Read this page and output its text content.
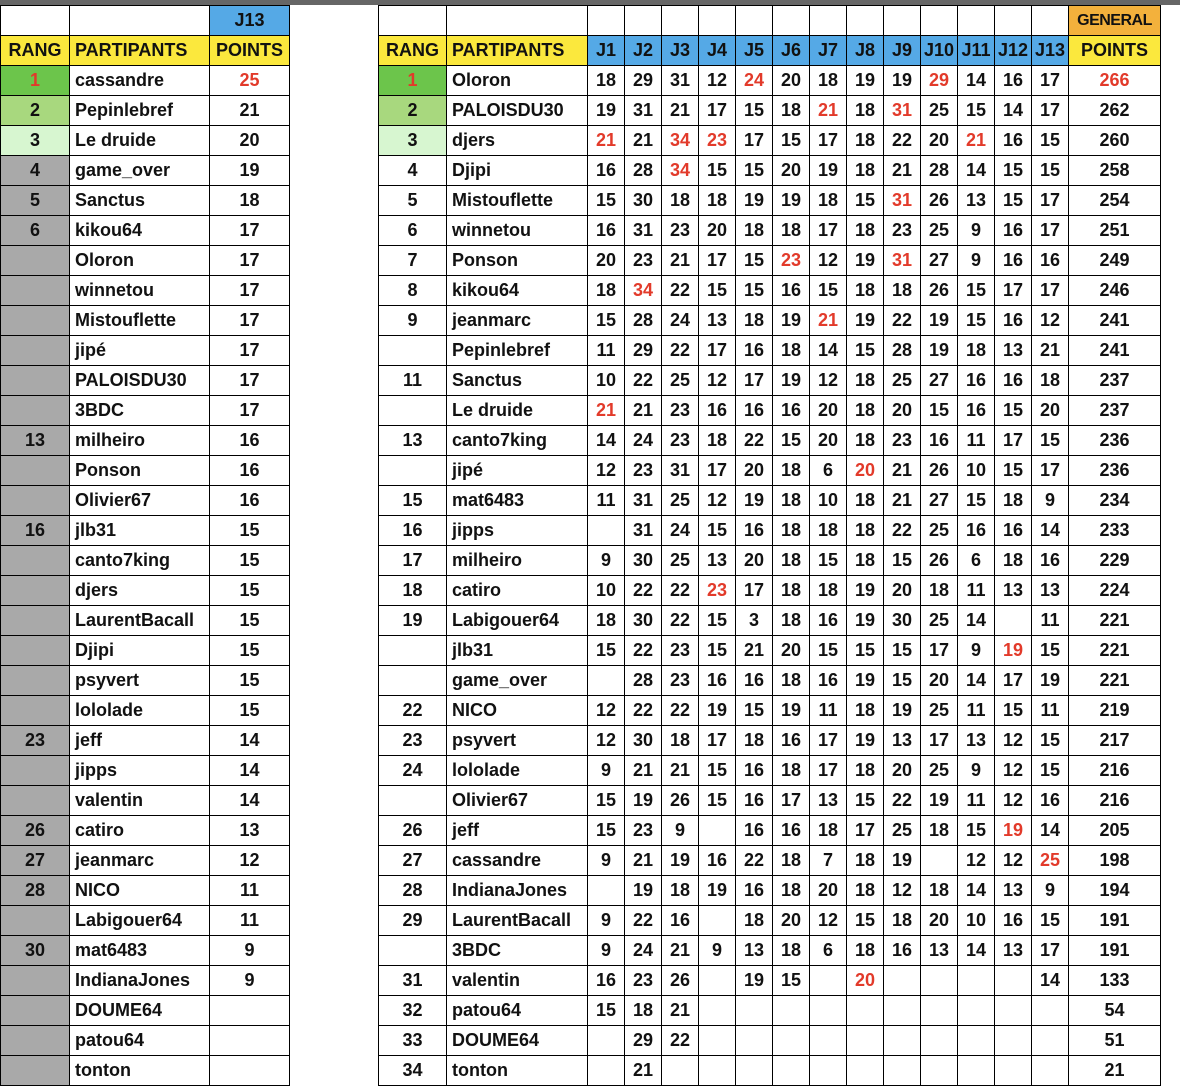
		J13
RANG	PARTIPANTS	POINTS
1	cassandre	25
2	Pepinlebref	21
3	Le druide	20
4	game_over	19
5	Sanctus	18
6	kikou64	17
	Oloron	17
	winnetou	17
	Mistouflette	17
	jipé	17
	PALOISDU30	17
	3BDC	17
13	milheiro	16
	Ponson	16
	Olivier67	16
16	jlb31	15
	canto7king	15
	djers	15
	LaurentBacall	15
	Djipi	15
	psyvert	15
	lololade	15
23	jeff	14
	jipps	14
	valentin	14
26	catiro	13
27	jeanmarc	12
28	NICO	11
	Labigouer64	11
30	mat6483	9
	IndianaJones	9
	DOUME64	
	patou64	
	tonton	
															GENERAL
RANG	PARTIPANTS	J1	J2	J3	J4	J5	J6	J7	J8	J9	J10	J11	J12	J13	POINTS
1	Oloron	18	29	31	12	24	20	18	19	19	29	14	16	17	266
2	PALOISDU30	19	31	21	17	15	18	21	18	31	25	15	14	17	262
3	djers	21	21	34	23	17	15	17	18	22	20	21	16	15	260
4	Djipi	16	28	34	15	15	20	19	18	21	28	14	15	15	258
5	Mistouflette	15	30	18	18	19	19	18	15	31	26	13	15	17	254
6	winnetou	16	31	23	20	18	18	17	18	23	25	9	16	17	251
7	Ponson	20	23	21	17	15	23	12	19	31	27	9	16	16	249
8	kikou64	18	34	22	15	15	16	15	18	18	26	15	17	17	246
9	jeanmarc	15	28	24	13	18	19	21	19	22	19	15	16	12	241
	Pepinlebref	11	29	22	17	16	18	14	15	28	19	18	13	21	241
11	Sanctus	10	22	25	12	17	19	12	18	25	27	16	16	18	237
	Le druide	21	21	23	16	16	16	20	18	20	15	16	15	20	237
13	canto7king	14	24	23	18	22	15	20	18	23	16	11	17	15	236
	jipé	12	23	31	17	20	18	6	20	21	26	10	15	17	236
15	mat6483	11	31	25	12	19	18	10	18	21	27	15	18	9	234
16	jipps		31	24	15	16	18	18	18	22	25	16	16	14	233
17	milheiro	9	30	25	13	20	18	15	18	15	26	6	18	16	229
18	catiro	10	22	22	23	17	18	18	19	20	18	11	13	13	224
19	Labigouer64	18	30	22	15	3	18	16	19	30	25	14		11	221
	jlb31	15	22	23	15	21	20	15	15	15	17	9	19	15	221
	game_over		28	23	16	16	18	16	19	15	20	14	17	19	221
22	NICO	12	22	22	19	15	19	11	18	19	25	11	15	11	219
23	psyvert	12	30	18	17	18	16	17	19	13	17	13	12	15	217
24	lololade	9	21	21	15	16	18	17	18	20	25	9	12	15	216
	Olivier67	15	19	26	15	16	17	13	15	22	19	11	12	16	216
26	jeff	15	23	9		16	16	18	17	25	18	15	19	14	205
27	cassandre	9	21	19	16	22	18	7	18	19		12	12	25	198
28	IndianaJones		19	18	19	16	18	20	18	12	18	14	13	9	194
29	LaurentBacall	9	22	16		18	20	12	15	18	20	10	16	15	191
	3BDC	9	24	21	9	13	18	6	18	16	13	14	13	17	191
31	valentin	16	23	26		19	15		20					14	133
32	patou64	15	18	21											54
33	DOUME64		29	22											51
34	tonton		21												21
